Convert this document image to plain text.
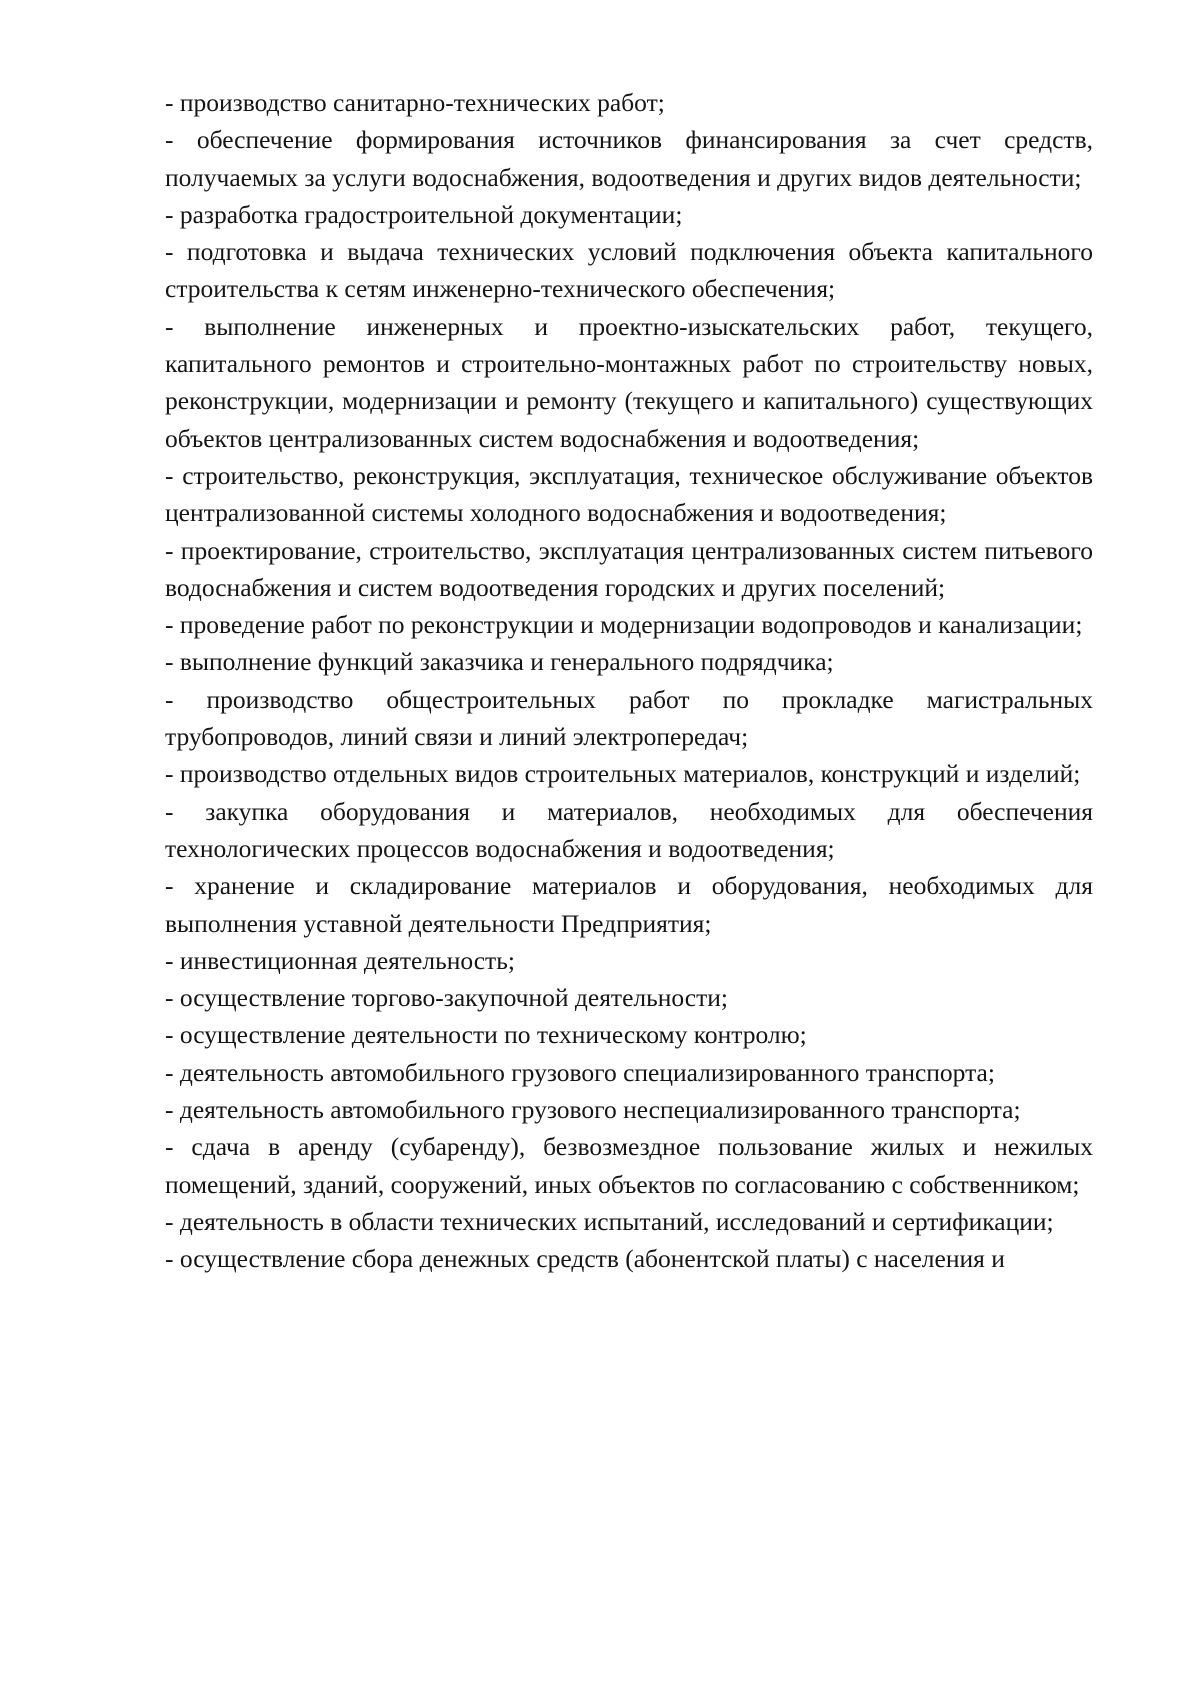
- производство санитарно-технических работ;

- обеспечение формирования источников финансирования за счет средств, получаемых за услуги водоснабжения, водоотведения и других видов деятельности;

- разработка градостроительной документации;

- подготовка и выдача технических условий подключения объекта капитального строительства к сетям инженерно-технического обеспечения;

- выполнение инженерных и проектно-изыскательских работ, текущего, капитального ремонтов и строительно-монтажных работ по строительству новых, реконструкции, модернизации и ремонту (текущего и капитального) существующих объектов централизованных систем водоснабжения и водоотведения;

- строительство, реконструкция, эксплуатация, техническое обслуживание объектов централизованной системы холодного водоснабжения и водоотведения;

- проектирование, строительство, эксплуатация централизованных систем питьевого водоснабжения и систем водоотведения городских и других поселений;

- проведение работ по реконструкции и модернизации водопроводов и канализации;

- выполнение функций заказчика и генерального подрядчика;

- производство общестроительных работ по прокладке магистральных трубопроводов, линий связи и линий электропередач;

- производство отдельных видов строительных материалов, конструкций и изделий;

- закупка оборудования и материалов, необходимых для обеспечения технологических процессов водоснабжения и водоотведения;

- хранение и складирование материалов и оборудования, необходимых для выполнения уставной деятельности Предприятия;

- инвестиционная деятельность;

- осуществление торгово-закупочной деятельности;

- осуществление деятельности по техническому контролю;

- деятельность автомобильного грузового специализированного транспорта;

- деятельность автомобильного грузового неспециализированного транспорта;

- сдача в аренду (субаренду), безвозмездное пользование жилых и нежилых помещений, зданий, сооружений, иных объектов по согласованию с собственником;

- деятельность в области технических испытаний, исследований и сертификации;

- осуществление сбора денежных средств (абонентской платы) с населения и
